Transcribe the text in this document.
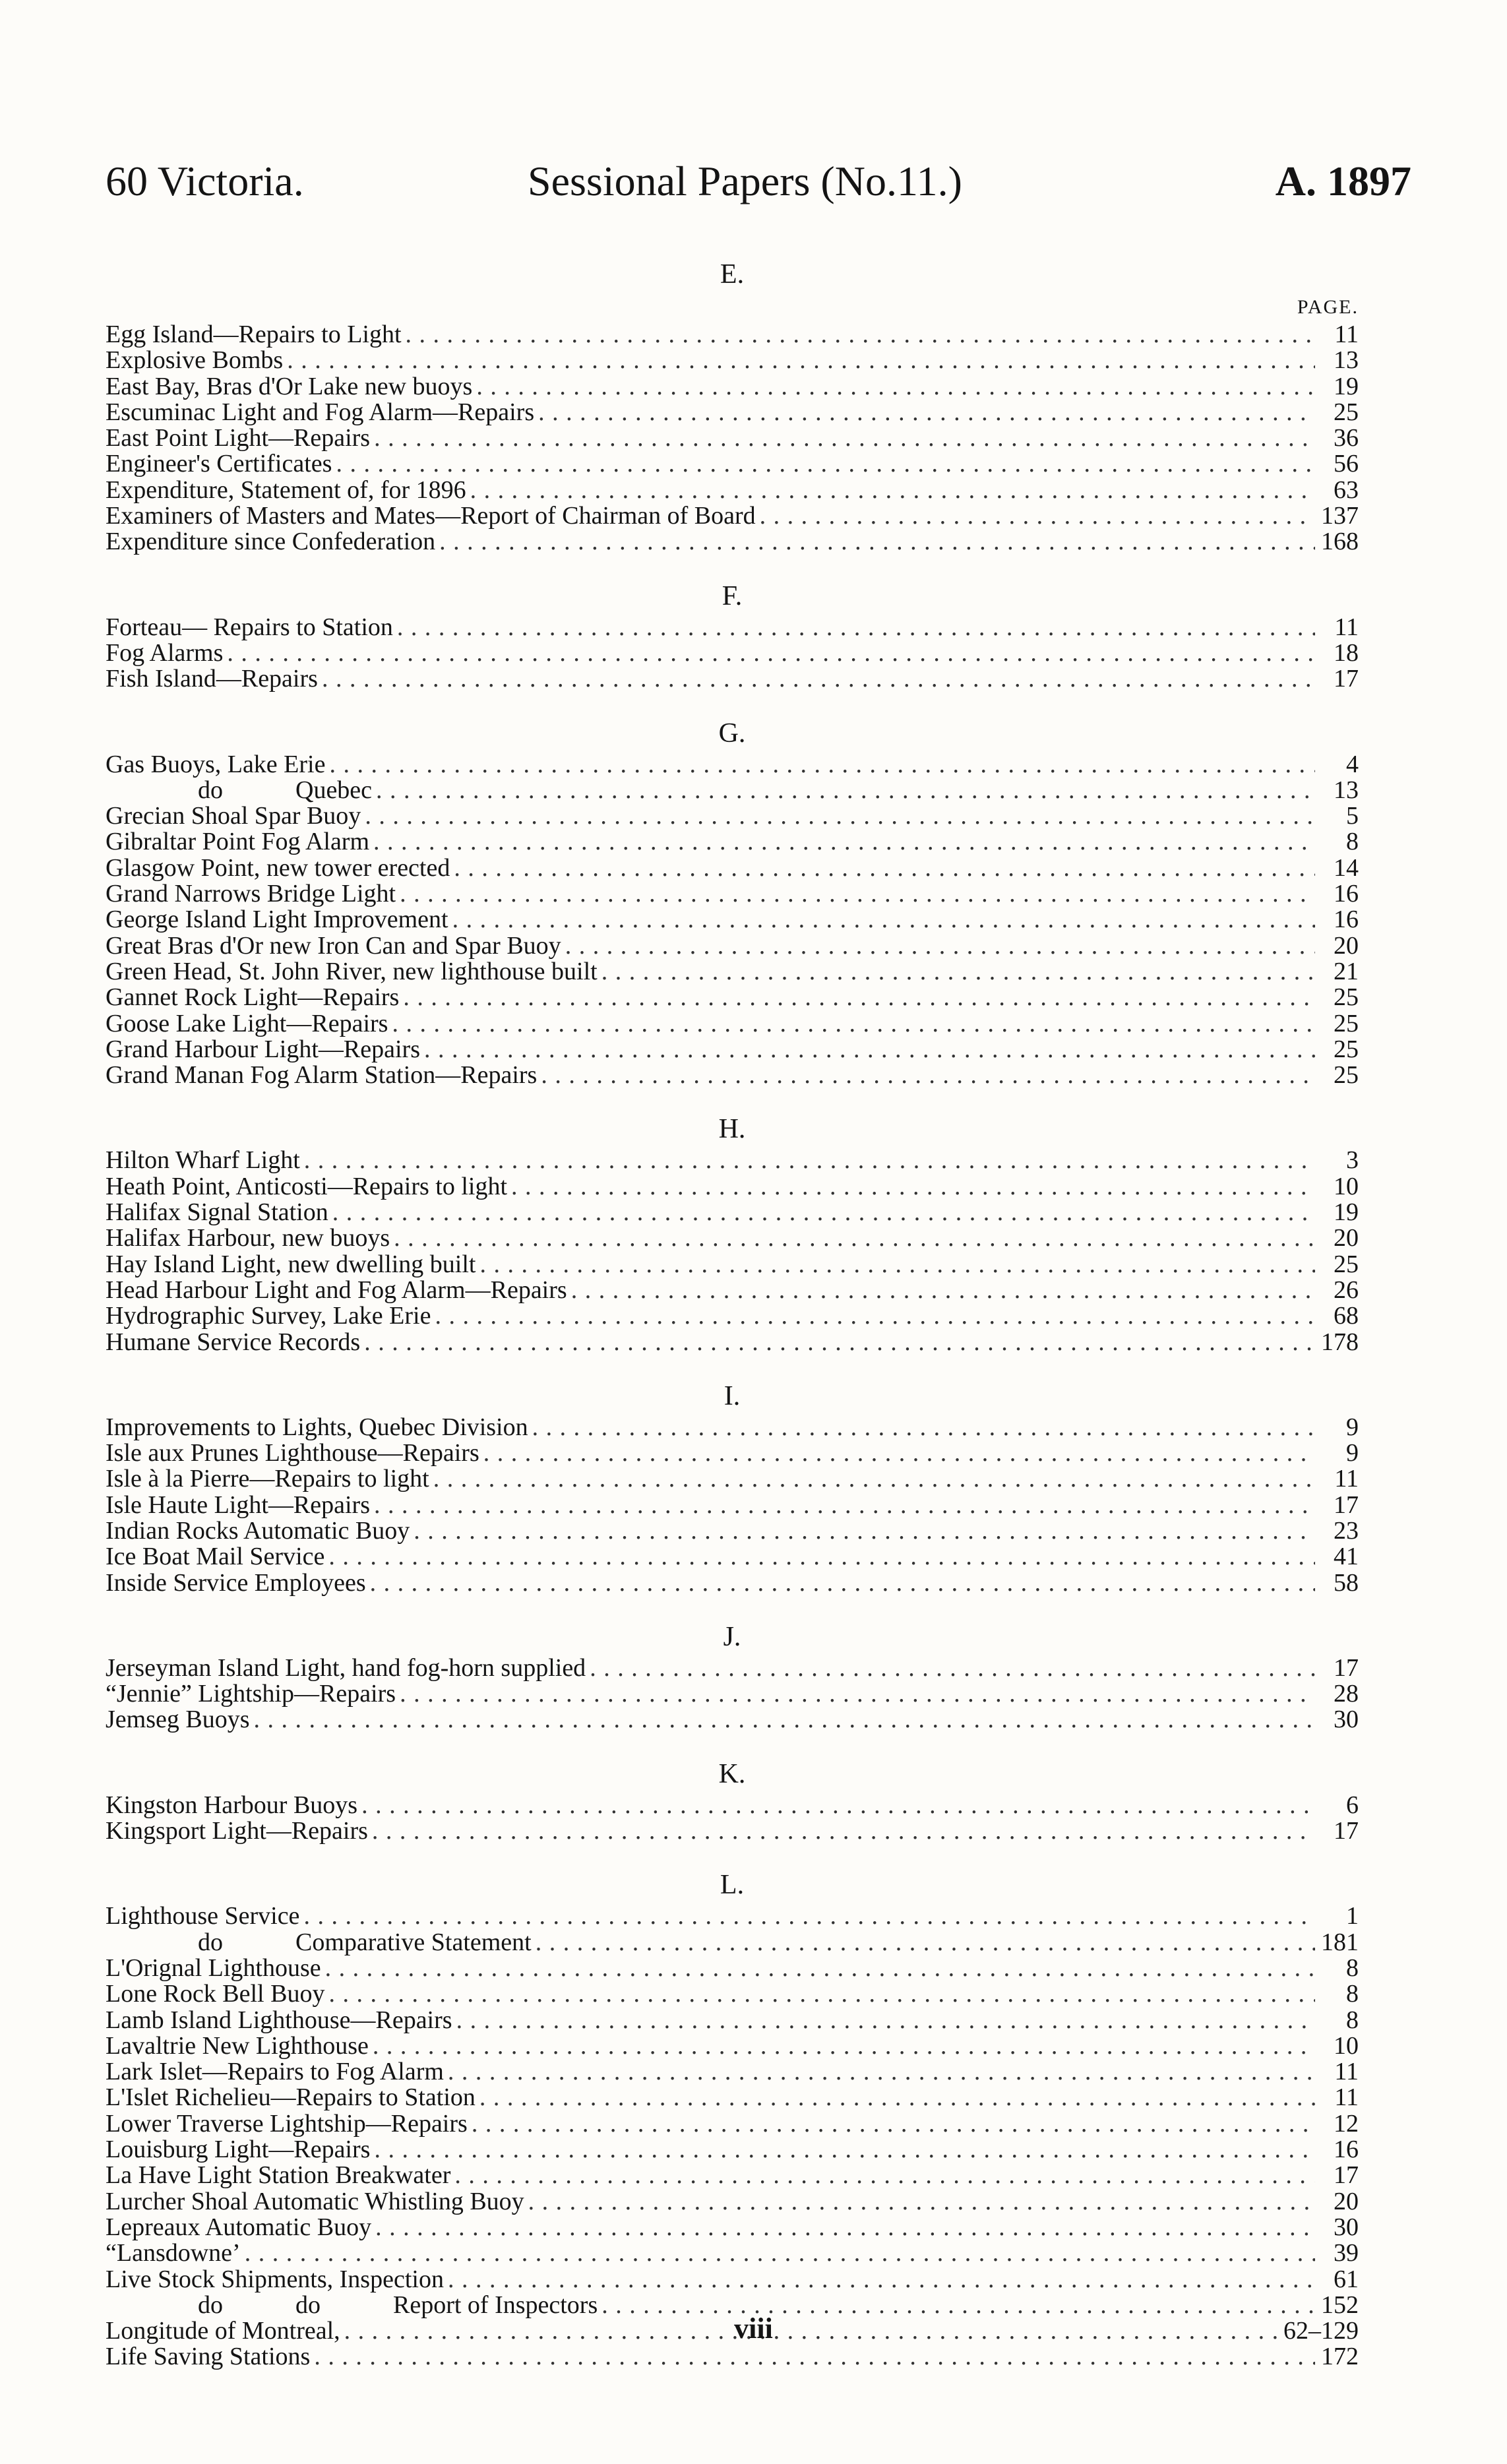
60 Victoria.	Sessional Papers (No.11.)	A. 1897
E.
PAGE.
Egg Island—Repairs to Light . . .	11
Explosive Bombs . . .	13
East Bay, Bras d'Or Lake new buoys . . .	19
Escuminac Light and Fog Alarm—Repairs . . .	25
East Point Light—Repairs . . .	36
Engineer's Certificates . . .	56
Expenditure, Statement of, for 1896 . . .	63
Examiners of Masters and Mates—Report of Chairman of Board . . .	137
Expenditure since Confederation . . .	168
F.
Forteau— Repairs to Station . . .	11
Fog Alarms . . .	18
Fish Island—Repairs . . .	17
G.
Gas Buoys, Lake Erie . . .	4
do	Quebec . . .	13
Grecian Shoal Spar Buoy . . .	5
Gibraltar Point Fog Alarm . . .	8
Glasgow Point, new tower erected . . .	14
Grand Narrows Bridge Light . . .	16
George Island Light Improvement . . .	16
Great Bras d'Or new Iron Can and Spar Buoy . . .	20
Green Head, St. John River, new lighthouse built . . .	21
Gannet Rock Light—Repairs . . .	25
Goose Lake Light—Repairs . . .	25
Grand Harbour Light—Repairs . . .	25
Grand Manan Fog Alarm Station—Repairs . . .	25
H.
Hilton Wharf Light . . .	3
Heath Point, Anticosti—Repairs to light . . .	10
Halifax Signal Station . . .	19
Halifax Harbour, new buoys . . .	20
Hay Island Light, new dwelling built . . .	25
Head Harbour Light and Fog Alarm—Repairs . . .	26
Hydrographic Survey, Lake Erie . . .	68
Humane Service Records . . .	178
I.
Improvements to Lights, Quebec Division . . .	9
Isle aux Prunes Lighthouse—Repairs . . .	9
Isle à la Pierre—Repairs to light . . .	11
Isle Haute Light—Repairs . . .	17
Indian Rocks Automatic Buoy . . .	23
Ice Boat Mail Service . . .	41
Inside Service Employees . . .	58
J.
Jerseyman Island Light, hand fog-horn supplied . . .	17
“Jennie” Lightship—Repairs . . .	28
Jemseg Buoys . . .	30
K.
Kingston Harbour Buoys . . .	6
Kingsport Light—Repairs . . .	17
L.
Lighthouse Service . . .	1
do	Comparative Statement . . .	181
L'Orignal Lighthouse . . .	8
Lone Rock Bell Buoy . . .	8
Lamb Island Lighthouse—Repairs . . .	8
Lavaltrie New Lighthouse . . .	10
Lark Islet—Repairs to Fog Alarm . . .	11
L'Islet Richelieu—Repairs to Station . . .	11
Lower Traverse Lightship—Repairs . . .	12
Louisburg Light—Repairs . . .	16
La Have Light Station Breakwater . . .	17
Lurcher Shoal Automatic Whistling Buoy . . .	20
Lepreaux Automatic Buoy . . .	30
“Lansdowne’ . . .	39
Live Stock Shipments, Inspection . . .	61
do	do	Report of Inspectors . . .	152
Longitude of Montreal, . . .	62–129
Life Saving Stations . . .	172
viii
